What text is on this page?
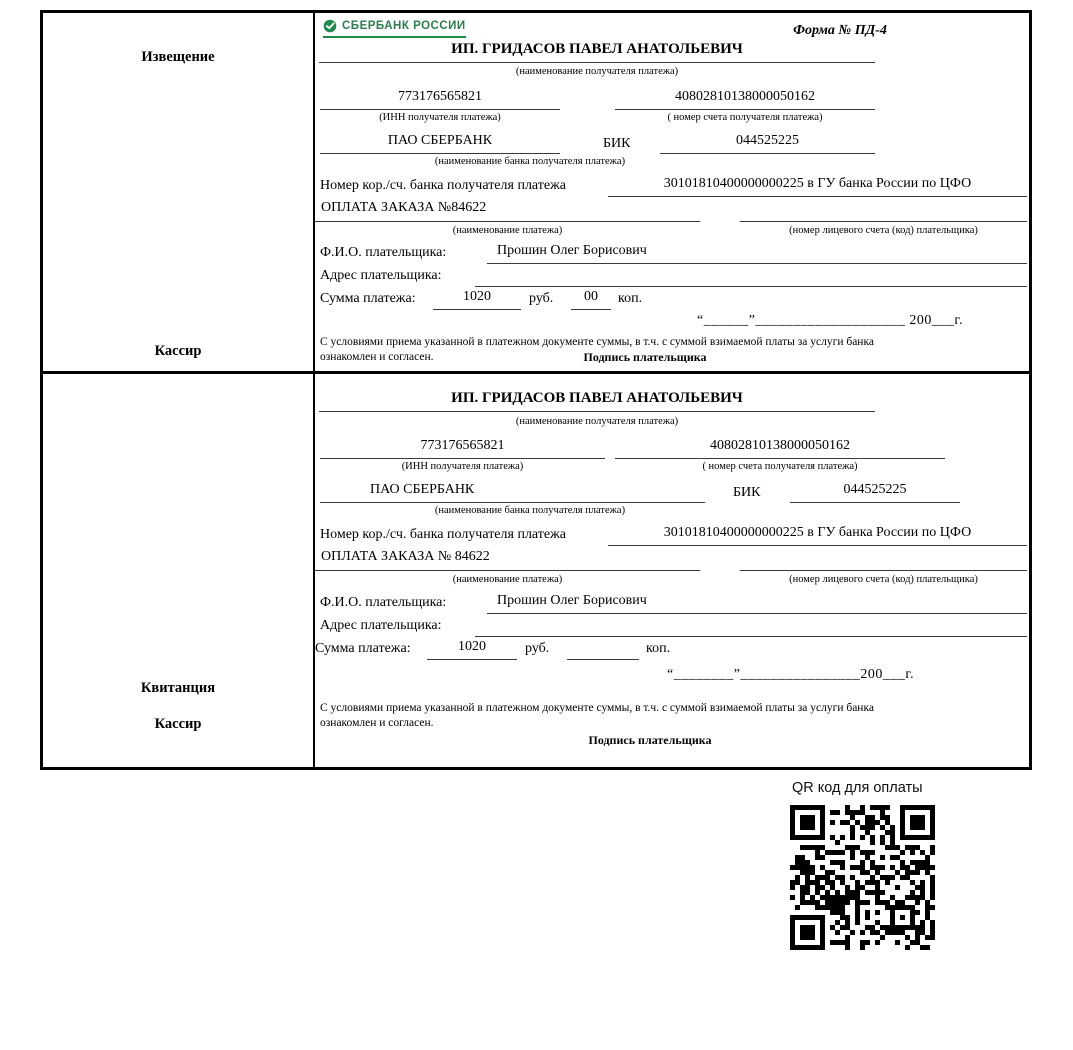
Извещение
Кассир
СБЕРБАНК РОССИИ	Форма № ПД-4
ИП. ГРИДАСОВ ПАВЕЛ АНАТОЛЬЕВИЧ
(наименование получателя платежа)
773176565821	40802810138000050162
(ИНН получателя платежа)	( номер счета получателя платежа)
ПАО СБЕРБАНК	БИК	044525225
(наименование банка получателя платежа)
Номер кор./сч. банка получателя платежа	30101810400000000225 в ГУ банка России по ЦФО
ОПЛАТА ЗАКАЗА №84622
(наименование платежа)	(номер лицевого счета (код) плательщика)
Ф.И.О. плательщика:	Прошин Олег Борисович
Адрес плательщика:
Сумма платежа:	1020	руб.	00	коп.
“______”____________________ 200___г.
С условиями приема указанной в платежном документе суммы, в т.ч. с суммой взимаемой платы за услуги банка
ознакомлен и согласен.	Подпись плательщика
Квитанция
Кассир
ИП. ГРИДАСОВ ПАВЕЛ АНАТОЛЬЕВИЧ
(наименование получателя платежа)
773176565821	40802810138000050162
(ИНН получателя платежа)	( номер счета получателя платежа)
ПАО СБЕРБАНК	БИК	044525225
(наименование банка получателя платежа)
Номер кор./сч. банка получателя платежа	30101810400000000225 в ГУ банка России по ЦФО
ОПЛАТА ЗАКАЗА № 84622
(наименование платежа)	(номер лицевого счета (код) плательщика)
Ф.И.О. плательщика:	Прошин Олег Борисович
Адрес плательщика:
Сумма платежа:	1020	руб.	коп.
“________”________________200___г.
С условиями приема указанной в платежном документе суммы, в т.ч. с суммой взимаемой платы за услуги банка
ознакомлен и согласен.
Подпись плательщика
QR код для оплаты
